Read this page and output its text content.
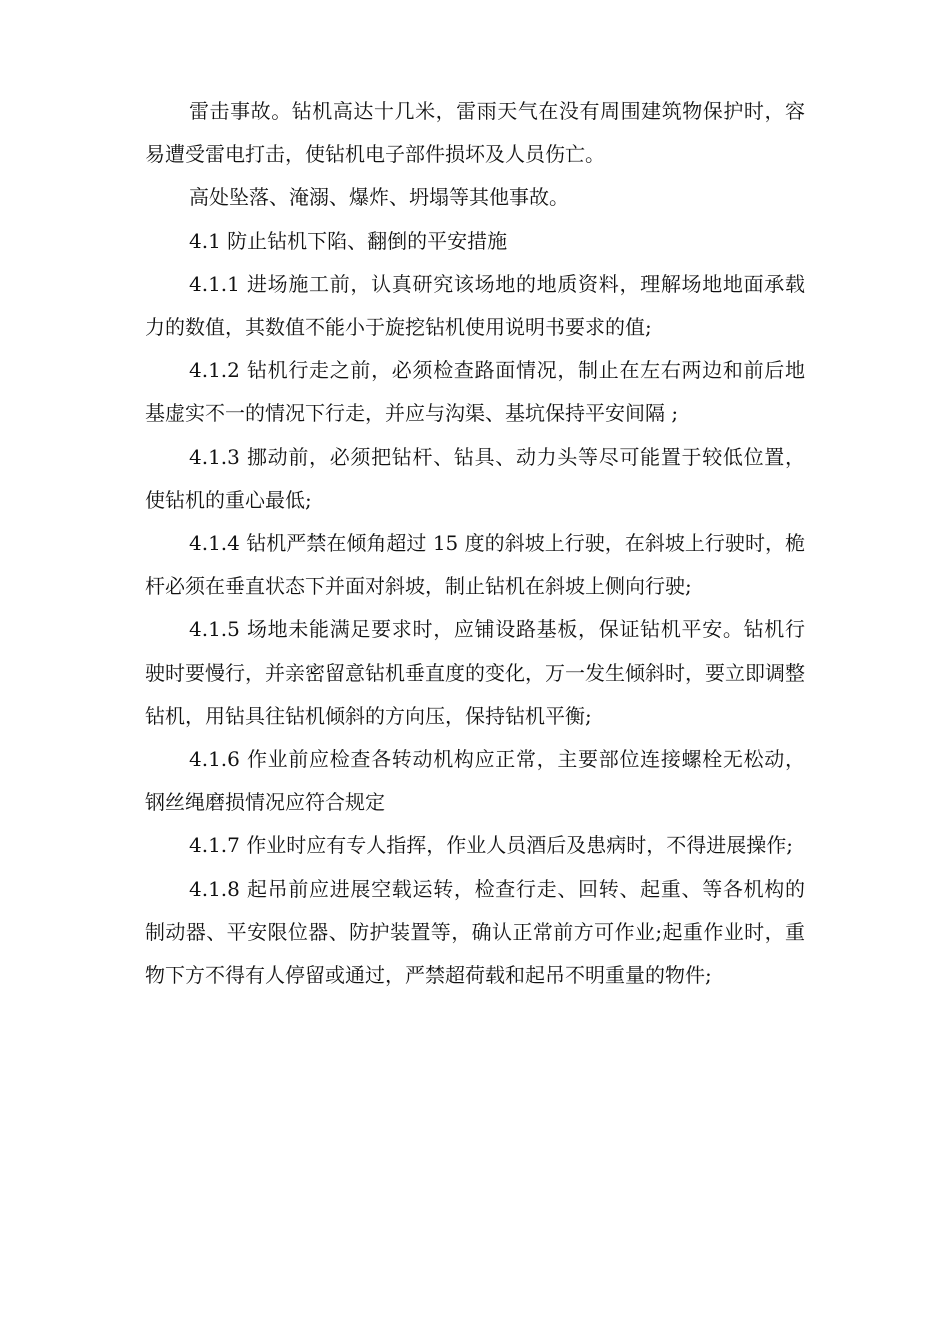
雷击事故。钻机高达十几米，雷雨天气在没有周围建筑物保护时，容易遭受雷电打击，使钻机电子部件损坏及人员伤亡。

高处坠落、淹溺、爆炸、坍塌等其他事故。

4.1 防止钻机下陷、翻倒的平安措施

4.1.1 进场施工前，认真研究该场地的地质资料，理解场地地面承载力的数值，其数值不能小于旋挖钻机使用说明书要求的值;

4.1.2 钻机行走之前，必须检查路面情况，制止在左右两边和前后地基虚实不一的情况下行走，并应与沟渠、基坑保持平安间隔 ;

4.1.3 挪动前，必须把钻杆、钻具、动力头等尽可能置于较低位置，使钻机的重心最低;

4.1.4 钻机严禁在倾角超过 15 度的斜坡上行驶，在斜坡上行驶时，桅杆必须在垂直状态下并面对斜坡，制止钻机在斜坡上侧向行驶;

4.1.5 场地未能满足要求时，应铺设路基板，保证钻机平安。钻机行驶时要慢行，并亲密留意钻机垂直度的变化，万一发生倾斜时，要立即调整钻机，用钻具往钻机倾斜的方向压，保持钻机平衡;

4.1.6 作业前应检查各转动机构应正常，主要部位连接螺栓无松动，钢丝绳磨损情况应符合规定

4.1.7 作业时应有专人指挥，作业人员酒后及患病时，不得进展操作;

4.1.8 起吊前应进展空载运转，检查行走、回转、起重、等各机构的制动器、平安限位器、防护装置等，确认正常前方可作业;起重作业时，重物下方不得有人停留或通过，严禁超荷载和起吊不明重量的物件;
